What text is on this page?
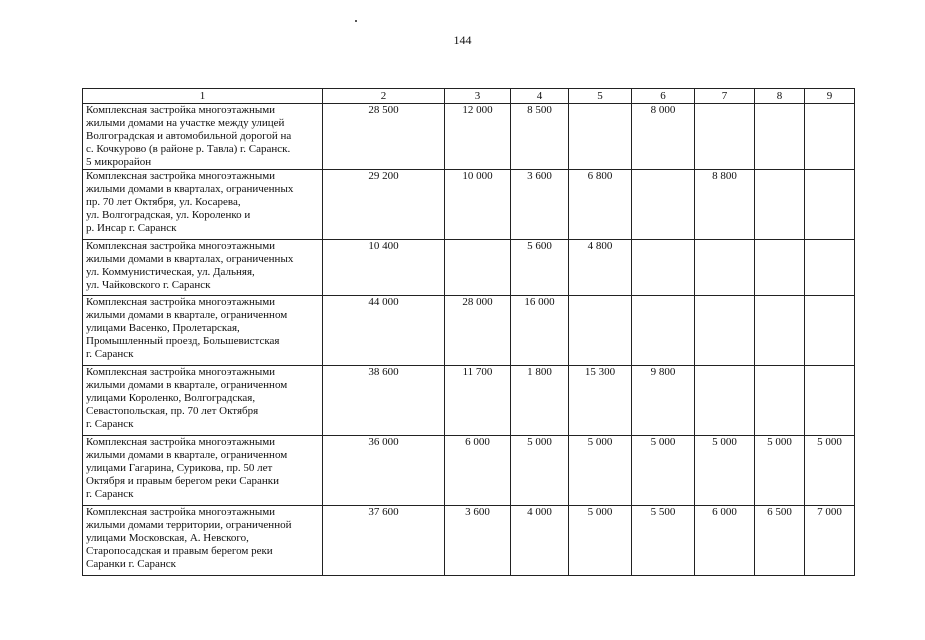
144
1	2	3	4	5	6	7	8	9

Комплексная застройка многоэтажными
жилыми домами на участке между улицей
Волгоградская и автомобильной дорогой на
с. Кочкурово (в районе р. Тавла) г. Саранск.
5 микрорайон	28 500	12 000	8 500		8 000			

Комплексная застройка многоэтажными
жилыми домами в кварталах, ограниченных
пр. 70 лет Октября, ул. Косарева,
ул. Волгоградская, ул. Короленко и
р. Инсар г. Саранск	29 200	10 000	3 600	6 800		8 800		

Комплексная застройка многоэтажными
жилыми домами в кварталах, ограниченных
ул. Коммунистическая, ул. Дальняя,
ул. Чайковского г. Саранск	10 400		5 600	4 800				

Комплексная застройка многоэтажными
жилыми домами в квартале, ограниченном
улицами Васенко, Пролетарская,
Промышленный проезд, Большевистская
г. Саранск	44 000	28 000	16 000					

Комплексная застройка многоэтажными
жилыми домами в квартале, ограниченном
улицами Короленко, Волгоградская,
Севастопольская, пр. 70 лет Октября
г. Саранск	38 600	11 700	1 800	15 300	9 800			

Комплексная застройка многоэтажными
жилыми домами в квартале, ограниченном
улицами Гагарина, Сурикова, пр. 50 лет
Октября и правым берегом реки Саранки
г. Саранск	36 000	6 000	5 000	5 000	5 000	5 000	5 000	5 000

Комплексная застройка многоэтажными
жилыми домами территории, ограниченной
улицами Московская, А. Невского,
Старопосадская и правым берегом реки
Саранки г. Саранск	37 600	3 600	4 000	5 000	5 500	6 000	6 500	7 000
